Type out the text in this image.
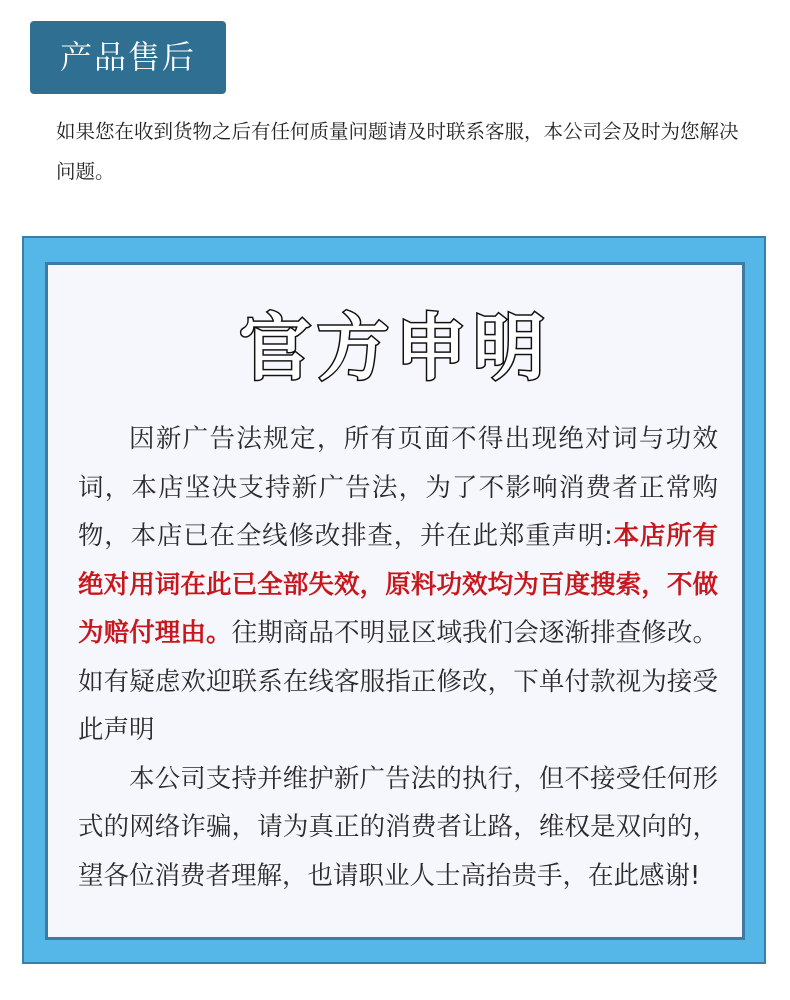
产品售后
如果您在收到货物之后有任何质量问题请及时联系客服，本公司会及时为您解决问题。
官方申明

因新广告法规定，所有页面不得出现绝对词与功效词，本店坚决支持新广告法，为了不影响消费者正常购物，本店已在全线修改排查，并在此郑重声明:本店所有绝对用词在此已全部失效，原料功效均为百度搜索，不做为赔付理由。往期商品不明显区域我们会逐渐排查修改。如有疑虑欢迎联系在线客服指正修改，下单付款视为接受此声明

本公司支持并维护新广告法的执行，但不接受任何形式的网络诈骗，请为真正的消费者让路，维权是双向的，望各位消费者理解，也请职业人士高抬贵手，在此感谢!
